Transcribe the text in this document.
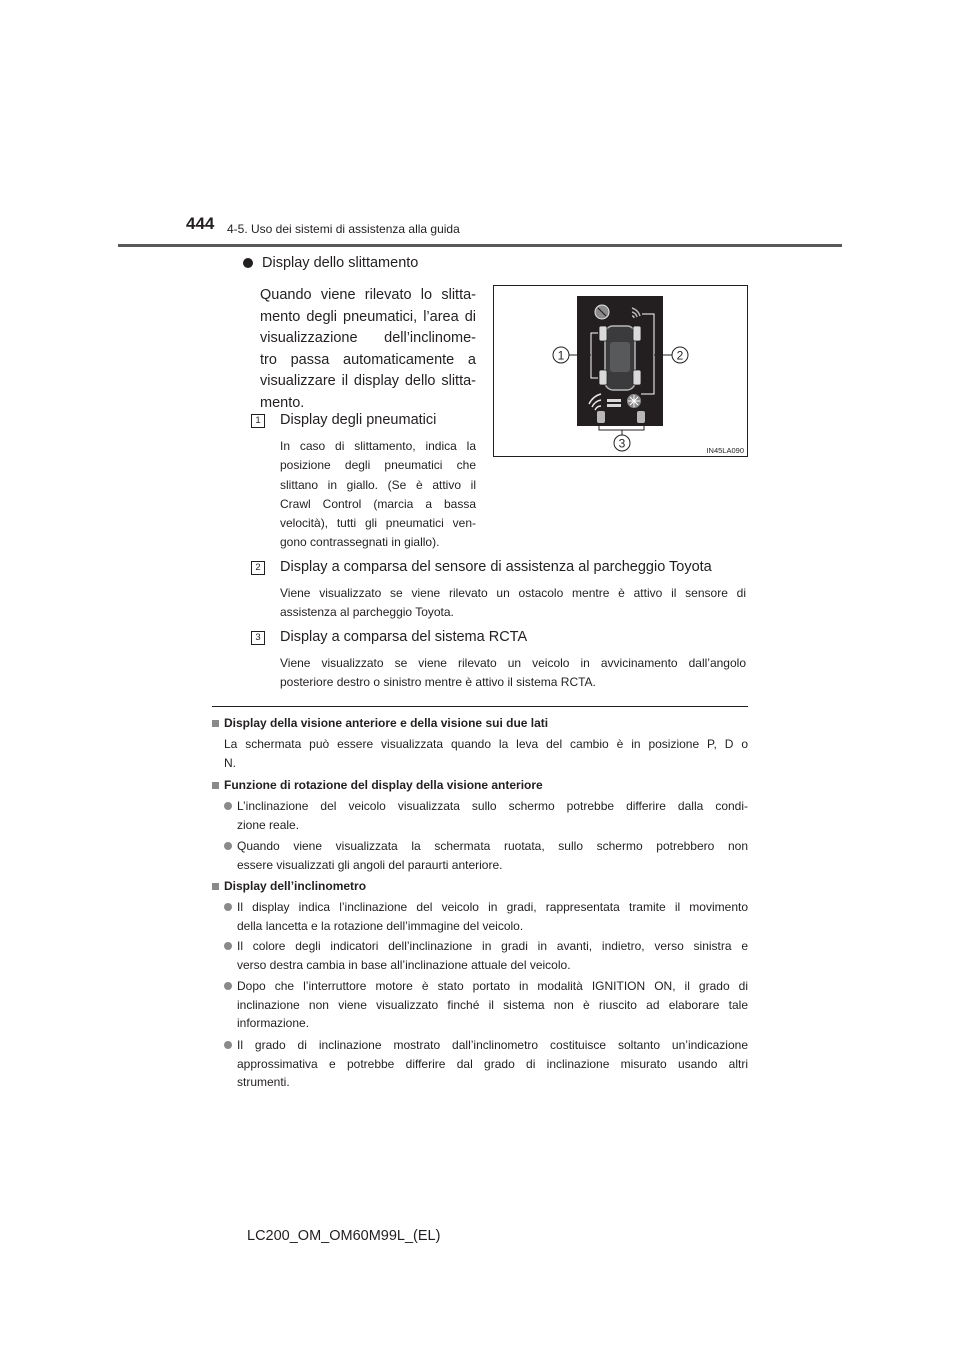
444 4-5. Uso dei sistemi di assistenza alla guida
Display dello slittamento
Quando viene rilevato lo slitta-
mento degli pneumatici, l’area di
visualizzazione dell’inclinome-
tro passa automaticamente a
visualizzare il display dello slitta-
mento.
1	Display degli pneumatici
In caso di slittamento, indica la
posizione degli pneumatici che
slittano in giallo. (Se è attivo il
Crawl Control (marcia a bassa
velocità), tutti gli pneumatici ven-
gono contrassegnati in giallo).
1	2
3	IN45LA090
2	Display a comparsa del sensore di assistenza al parcheggio Toyota
Viene visualizzato se viene rilevato un ostacolo mentre è attivo il sensore di
assistenza al parcheggio Toyota.
3	Display a comparsa del sistema RCTA
Viene visualizzato se viene rilevato un veicolo in avvicinamento dall’angolo
posteriore destro o sinistro mentre è attivo il sistema RCTA.
Display della visione anteriore e della visione sui due lati
La schermata può essere visualizzata quando la leva del cambio è in posizione P, D o
N.
Funzione di rotazione del display della visione anteriore
L’inclinazione del veicolo visualizzata sullo schermo potrebbe differire dalla condi-
zione reale.
Quando viene visualizzata la schermata ruotata, sullo schermo potrebbero non
essere visualizzati gli angoli del paraurti anteriore.
Display dell’inclinometro
Il display indica l’inclinazione del veicolo in gradi, rappresentata tramite il movimento
della lancetta e la rotazione dell’immagine del veicolo.
Il colore degli indicatori dell’inclinazione in gradi in avanti, indietro, verso sinistra e
verso destra cambia in base all’inclinazione attuale del veicolo.
Dopo che l’interruttore motore è stato portato in modalità IGNITION ON, il grado di
inclinazione non viene visualizzato finché il sistema non è riuscito ad elaborare tale
informazione.
Il grado di inclinazione mostrato dall’inclinometro costituisce soltanto un’indicazione
approssimativa e potrebbe differire dal grado di inclinazione misurato usando altri
strumenti.
LC200_OM_OM60M99L_(EL)
